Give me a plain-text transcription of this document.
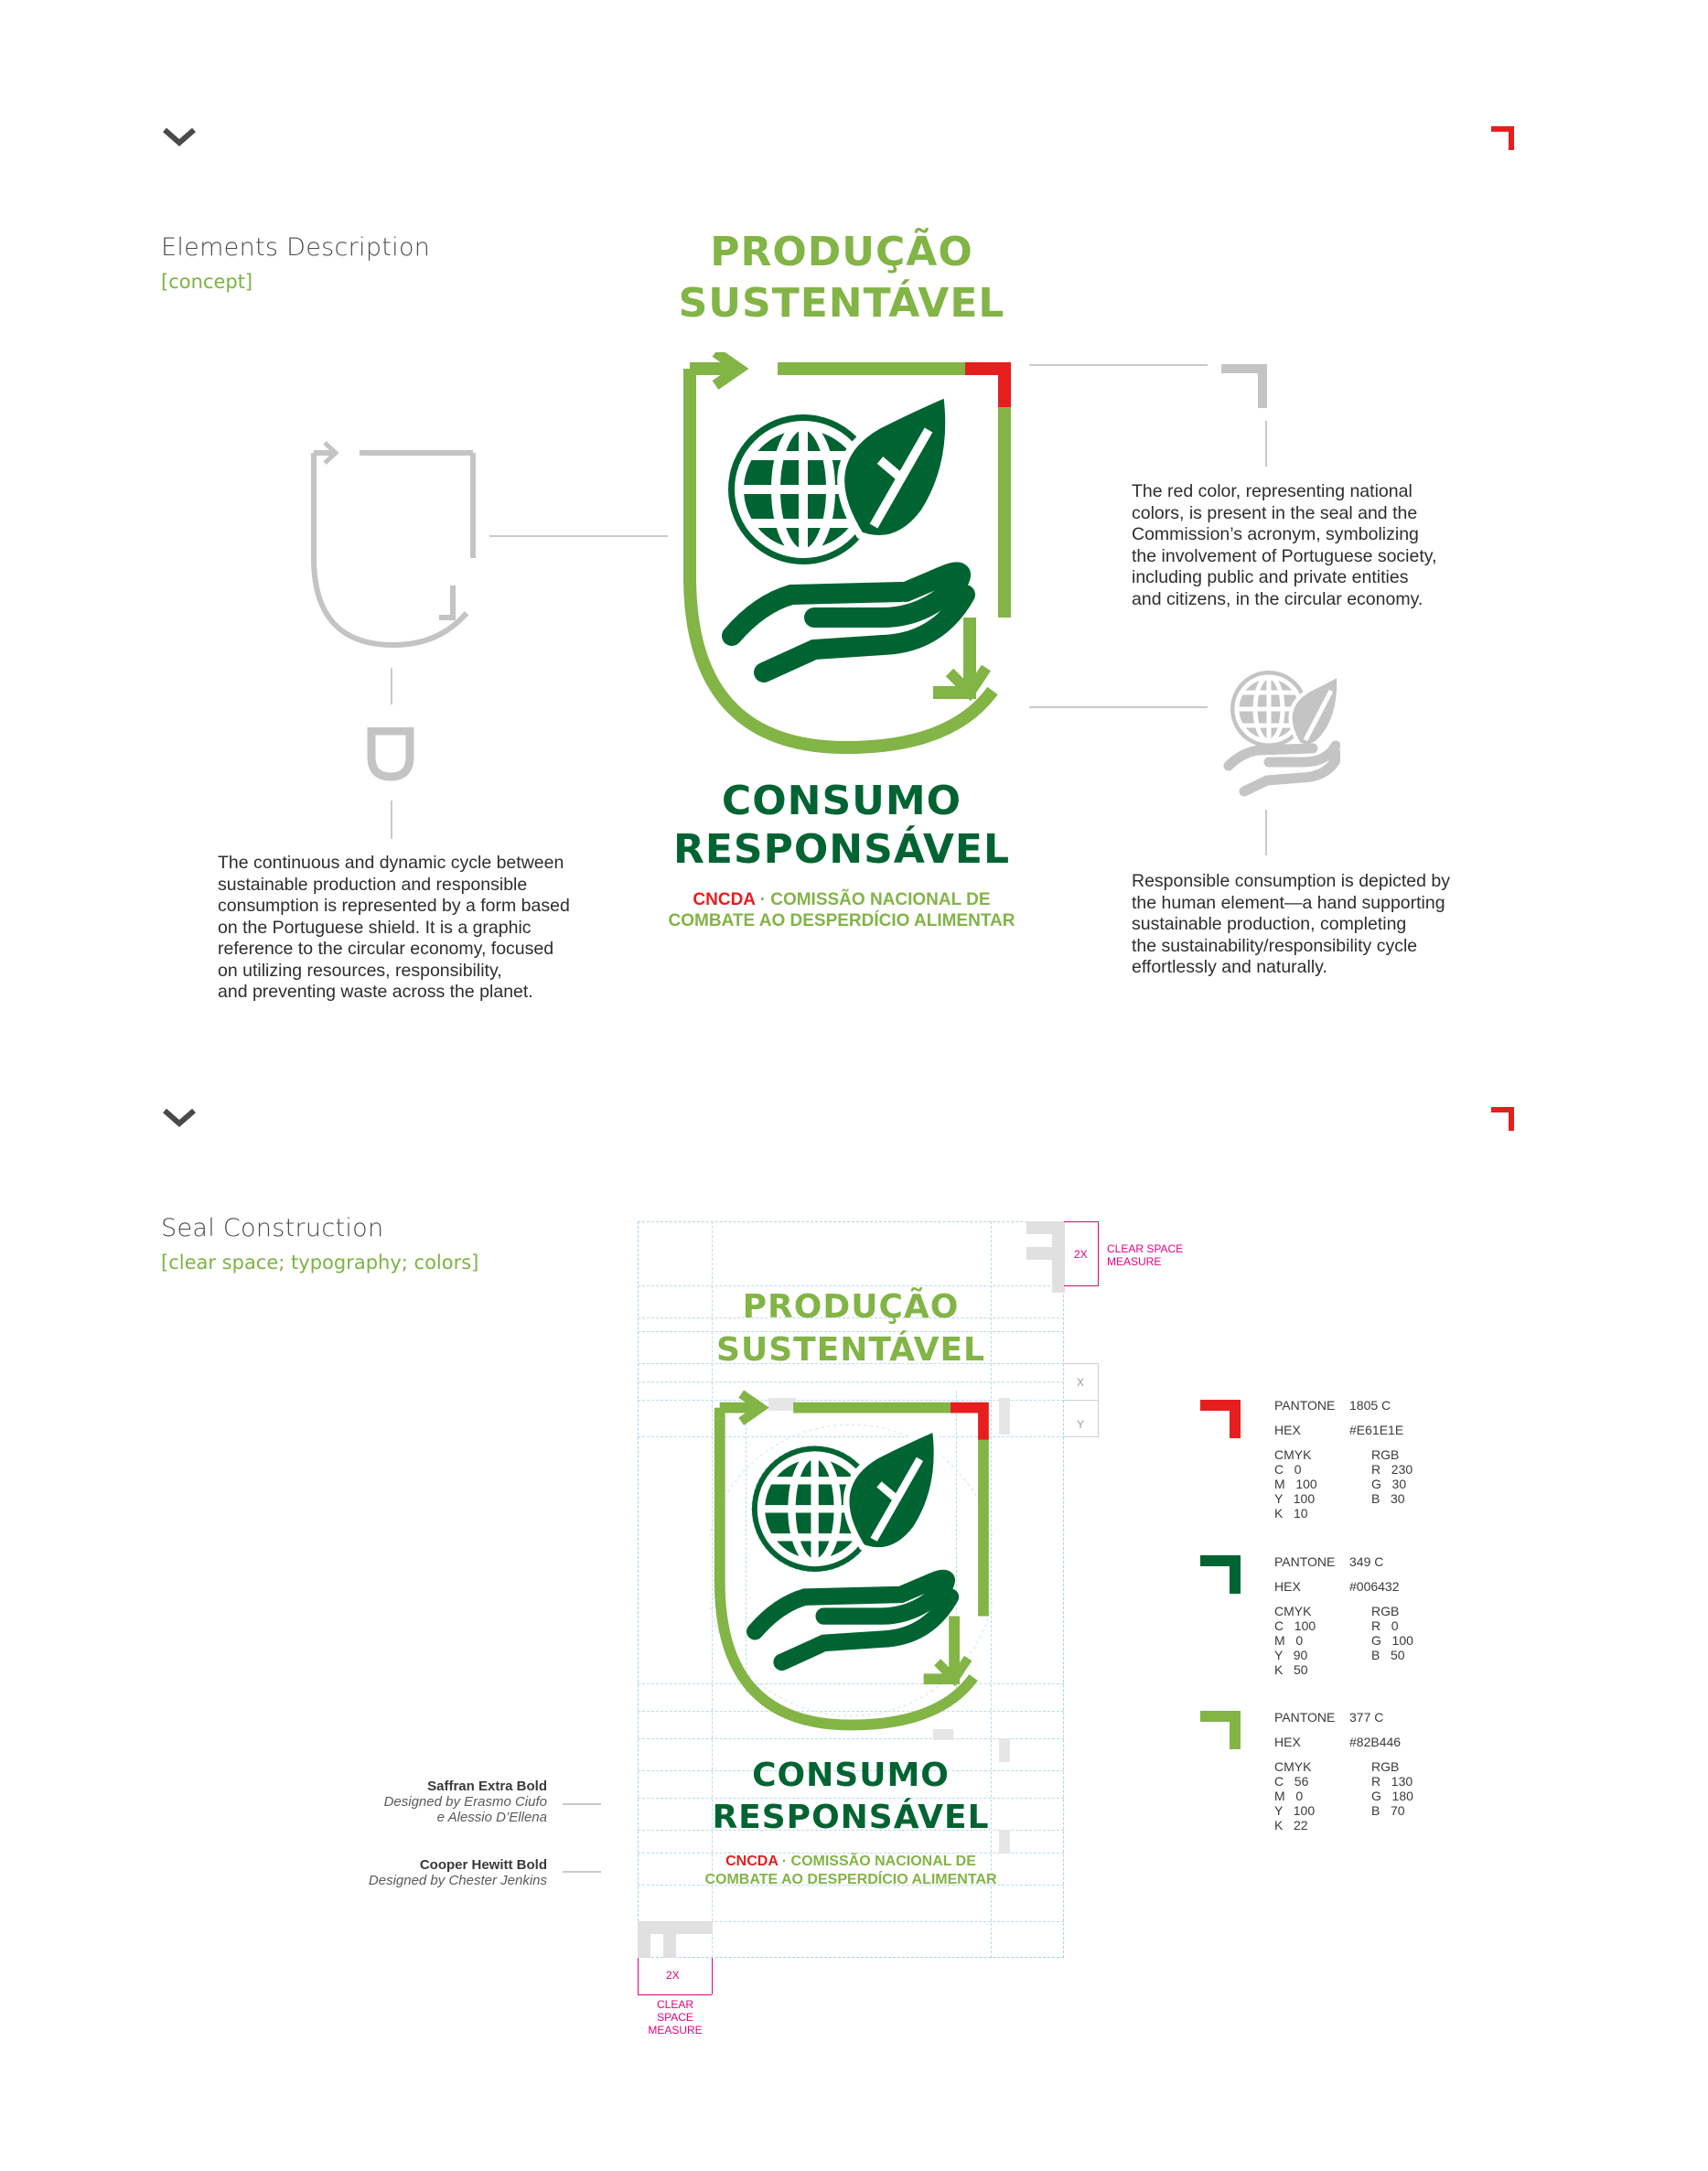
Elements Description
[concept]
PRODUÇÃO
SUSTENTÁVEL
CONSUMO
RESPONSÁVEL
CNCDA · COMISSÃO NACIONAL DE
COMBATE AO DESPERDÍCIO ALIMENTAR
The continuous and dynamic cycle between
sustainable production and responsible
consumption is represented by a form based
on the Portuguese shield. It is a graphic
reference to the circular economy, focused
on utilizing resources, responsibility,
and preventing waste across the planet.
The red color, representing national
colors, is present in the seal and the
Commission’s acronym, symbolizing
the involvement of Portuguese society,
including public and private entities
and citizens, in the circular economy.
Responsible consumption is depicted by
the human element—a hand supporting
sustainable production, completing
the sustainability/responsibility cycle
effortlessly and naturally.
Seal Construction
[clear space; typography; colors]	2X CLEAR SPACE
MEASURE
X
Y
2X
CLEAR SPACE
MEASURE
PRODUÇÃO
SUSTENTÁVEL
CONSUMO
RESPONSÁVEL
CNCDA · COMISSÃO NACIONAL DE
COMBATE AO DESPERDÍCIO ALIMENTAR
Saffran Extra Bold
Designed by Erasmo Ciufo
e Alessio D’Ellena
Cooper Hewitt Bold
Designed by Chester Jenkins
PANTONE 1805 C
HEX	#E61E1E
CMYK	RGB
C   0	R   230
M   100	G   30
Y   100	B   30
K   10
PANTONE 349 C
HEX	#006432
CMYK	RGB
C   100	R   0
M   0	G   100
Y   90	B   50
K   50
PANTONE 377 C
HEX	#82B446
CMYK	RGB
C   56	R   130
M   0	G   180
Y   100	B   70
K   22
